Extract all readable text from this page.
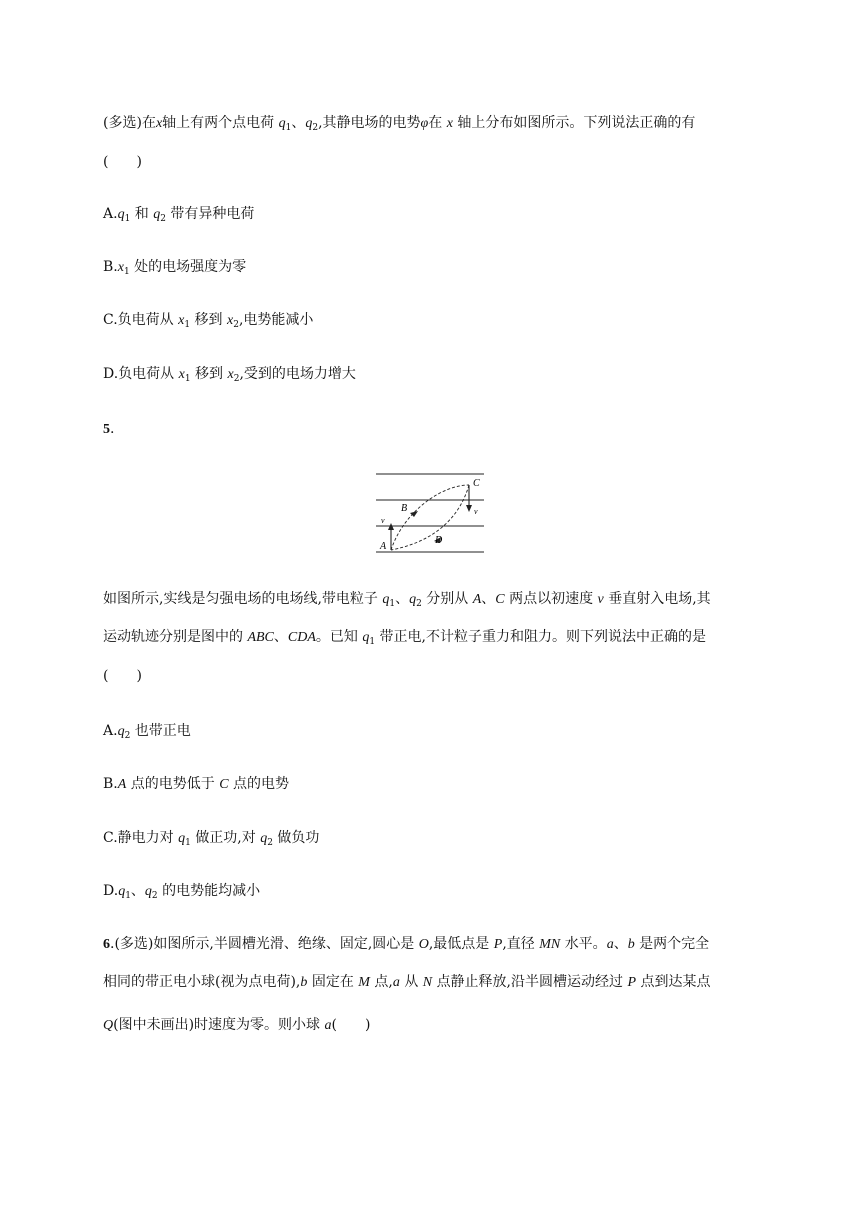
(多选)在x轴上有两个点电荷 $q_1$、$q_2$,其静电场的电势φ在 x 轴上分布如图所示。下列说法正确的有
(　　)
$A.q_1$ 和 $q_2$ 带有异种电荷
$B.x_1$ 处的电场强度为零
C.负电荷从 $x_1$ 移到 $x_2$,电势能减小
D.负电荷从 $x_1$ 移到 $x_2$,受到的电场力增大
5.
v
v
A
B
C
D
如图所示,实线是匀强电场的电场线,带电粒子 $q_1$、$q_2$ 分别从 A、C 两点以初速度 v 垂直射入电场,其
运动轨迹分别是图中的 ABC、CDA。已知 $q_1$ 带正电,不计粒子重力和阻力。则下列说法中正确的是
(　　)
$A.q_2$ 也带正电
B.A 点的电势低于 C 点的电势
C.静电力对 $q_1$ 做正功,对 $q_2$ 做负功
$D.q_1$、$q_2$ 的电势能均减小
6.(多选)如图所示,半圆槽光滑、绝缘、固定,圆心是 O,最低点是 P,直径 MN 水平。a、b 是两个完全
相同的带正电小球(视为点电荷),b 固定在 M 点,a 从 N 点静止释放,沿半圆槽运动经过 P 点到达某点
Q(图中未画出)时速度为零。则小球 a(　　)
